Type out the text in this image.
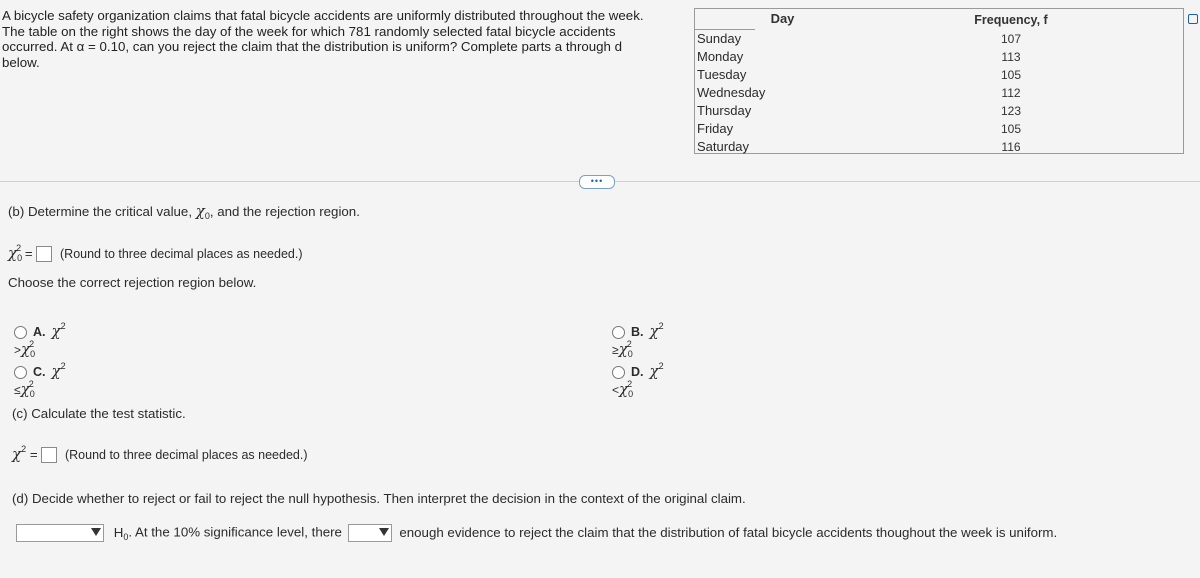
A bicycle safety organization claims that fatal bicycle accidents are uniformly distributed throughout the week.
The table on the right shows the day of the week for which 781 randomly selected fatal bicycle accidents
occurred. At α = 0.10, can you reject the claim that the distribution is uniform? Complete parts a through d
below.
Day
Sunday
Monday
Tuesday
Wednesday
Thursday
Friday
Saturday
Frequency, f
107
113
105
112
123
105
116
•••
(b) Determine the critical value, $\chi_0$, and the rejection region.
$\chi_0^2$ = (Round to three decimal places as needed.)
Choose the correct rejection region below.
A. $\chi^2 >\chi_0^2$
B. $\chi^2 \ge\chi_0^2$
C. $\chi^2 \le\chi_0^2$
D. $\chi^2 <\chi_0^2$
(c) Calculate the test statistic.
$\chi^2$ = (Round to three decimal places as needed.)
(d) Decide whether to reject or fail to reject the null hypothesis. Then interpret the decision in the context of the original claim.
$H_0$. At the 10% significance level, there	enough evidence to reject the claim that the distribution of fatal bicycle accidents thoughout the week is uniform.
